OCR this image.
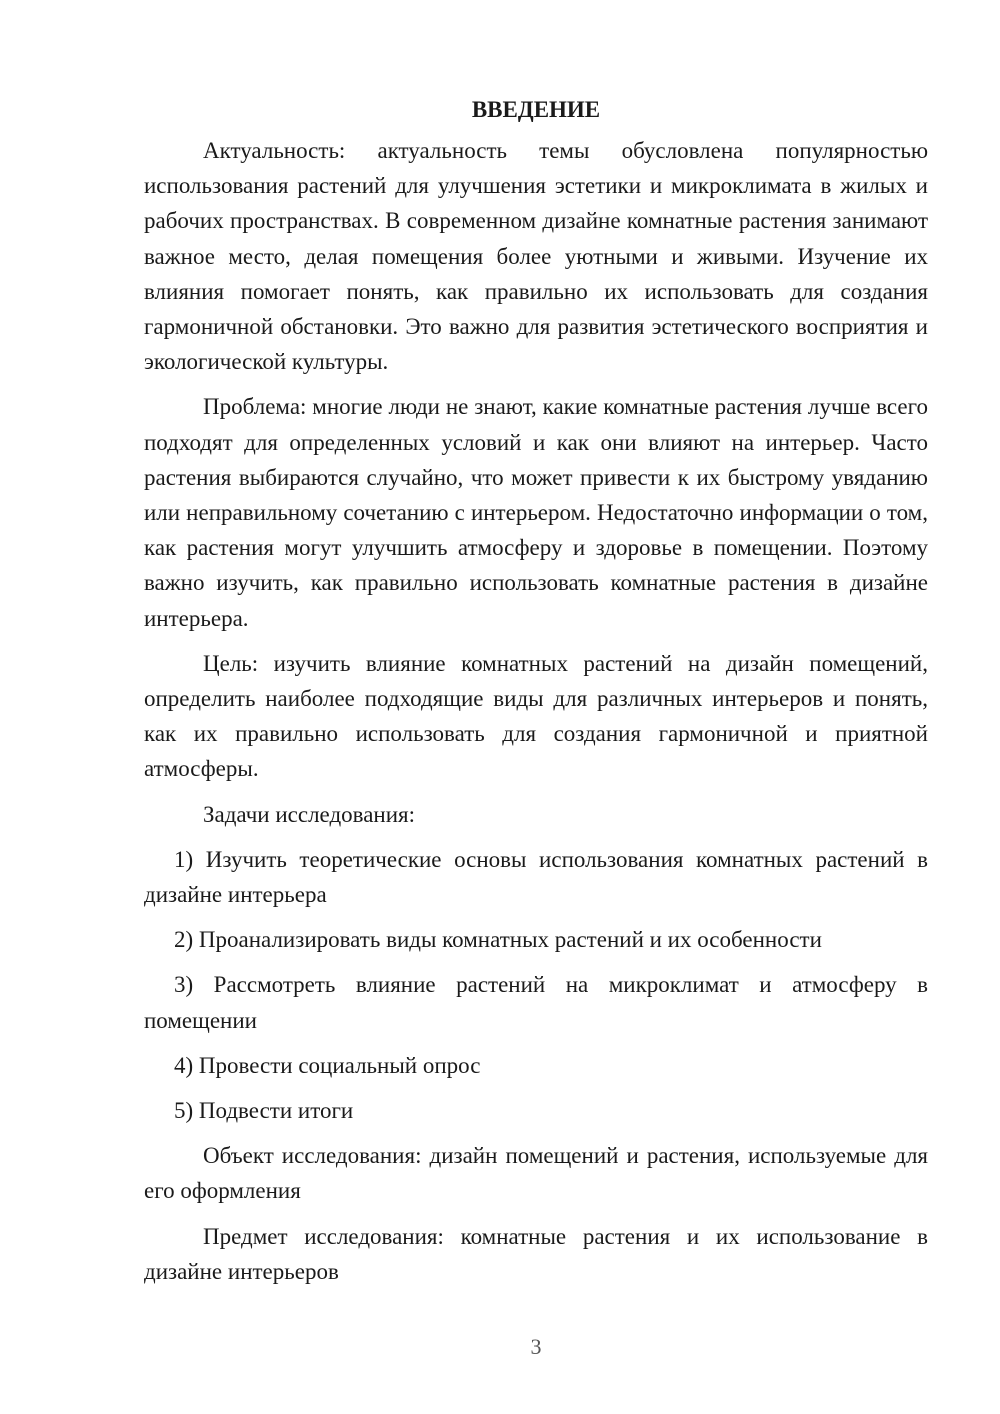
ВВЕДЕНИЕ

Актуальность: актуальность темы обусловлена популярностью использования растений для улучшения эстетики и микроклимата в жилых и рабочих пространствах. В современном дизайне комнатные растения занимают важное место, делая помещения более уютными и живыми. Изучение их влияния помогает понять, как правильно их использовать для создания гармоничной обстановки. Это важно для развития эстетического восприятия и экологической культуры.

Проблема: многие люди не знают, какие комнатные растения лучше всего подходят для определенных условий и как они влияют на интерьер. Часто растения выбираются случайно, что может привести к их быстрому увяданию или неправильному сочетанию с интерьером. Недостаточно информации о том, как растения могут улучшить атмосферу и здоровье в помещении. Поэтому важно изучить, как правильно использовать комнатные растения в дизайне интерьера.

Цель: изучить влияние комнатных растений на дизайн помещений, определить наиболее подходящие виды для различных интерьеров и понять, как их правильно использовать для создания гармоничной и приятной атмосферы.

Задачи исследования:

1) Изучить теоретические основы использования комнатных растений в дизайне интерьера

2) Проанализировать виды комнатных растений и их особенности

3) Рассмотреть влияние растений на микроклимат и атмосферу в помещении

4) Провести социальный опрос

5) Подвести итоги

Объект исследования: дизайн помещений и растения, используемые для его оформления

Предмет исследования: комнатные растения и их использование в дизайне интерьеров

3
